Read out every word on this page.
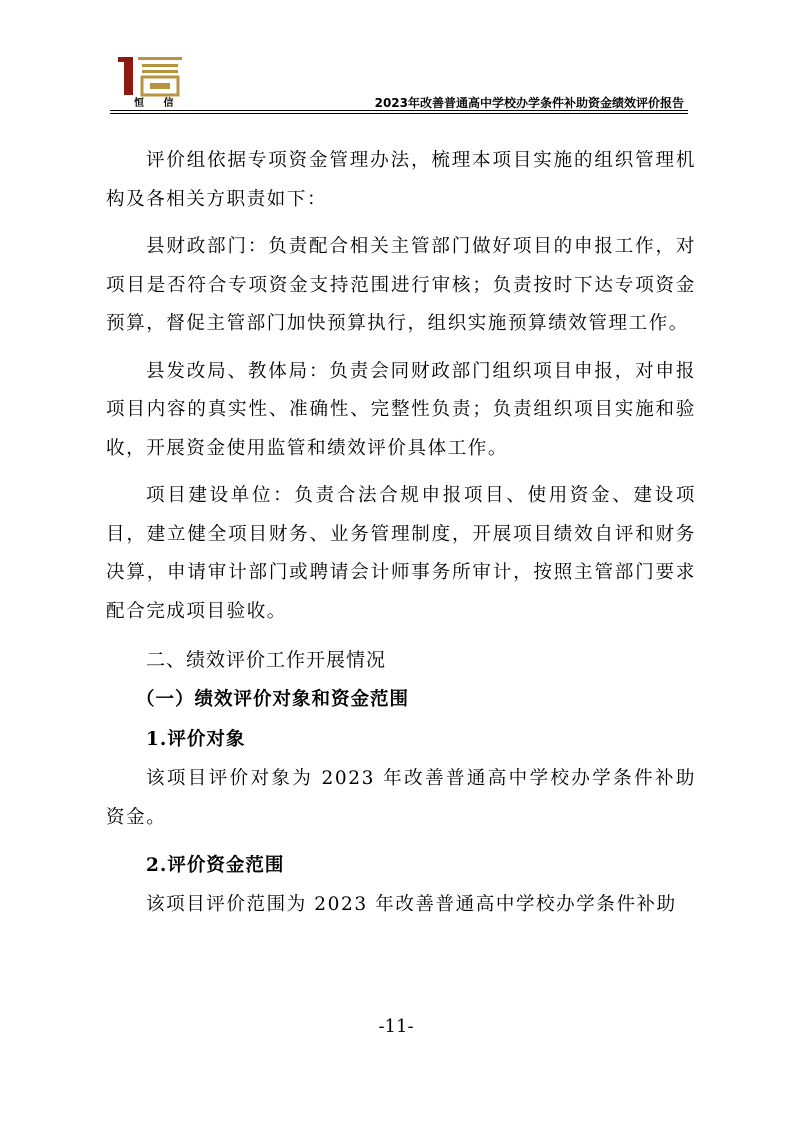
恒 信	2023年改善普通高中学校办学条件补助资金绩效评价报告

评价组依据专项资金管理办法，梳理本项目实施的组织管理机构及各相关方职责如下：

县财政部门：负责配合相关主管部门做好项目的申报工作，对项目是否符合专项资金支持范围进行审核；负责按时下达专项资金预算，督促主管部门加快预算执行，组织实施预算绩效管理工作。

县发改局、教体局：负责会同财政部门组织项目申报，对申报项目内容的真实性、准确性、完整性负责；负责组织项目实施和验收，开展资金使用监管和绩效评价具体工作。

项目建设单位：负责合法合规申报项目、使用资金、建设项目，建立健全项目财务、业务管理制度，开展项目绩效自评和财务决算，申请审计部门或聘请会计师事务所审计，按照主管部门要求配合完成项目验收。

二、绩效评价工作开展情况
（一）绩效评价对象和资金范围
1.评价对象

该项目评价对象为 2023 年改善普通高中学校办学条件补助资金。

2.评价资金范围

该项目评价范围为 2023 年改善普通高中学校办学条件补助

-11-
